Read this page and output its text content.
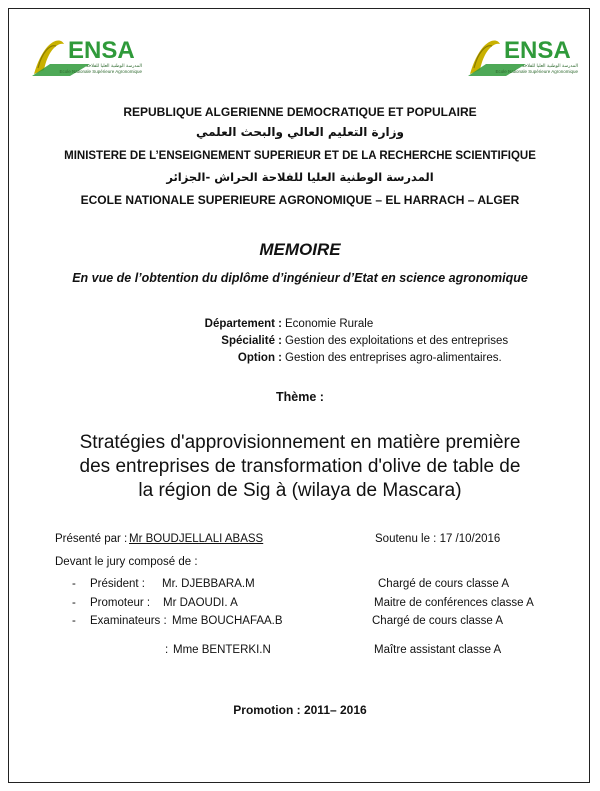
ENSA
المدرسة الوطنية العليا للفلاحة
Ecole Nationale Supérieure Agronomique
ENSA
المدرسة الوطنية العليا للفلاحة
Ecole Nationale Supérieure Agronomique
REPUBLIQUE ALGERIENNE DEMOCRATIQUE ET POPULAIRE
وزارة التعليم العالي والبحث العلمي
MINISTERE DE L’ENSEIGNEMENT SUPERIEUR ET DE LA RECHERCHE SCIENTIFIQUE
المدرسة الوطنية العليا للفلاحة الحراش -الجزائر
ECOLE NATIONALE SUPERIEURE AGRONOMIQUE – EL HARRACH – ALGER
MEMOIRE
En vue de l’obtention du diplôme d’ingénieur d’Etat en science agronomique
Département : Economie Rurale
Spécialité : Gestion des exploitations et des entreprises
Option : Gestion des entreprises agro-alimentaires.
Thème :
Stratégies d'approvisionnement en matière première
des entreprises de transformation d'olive de table de
la région de Sig à (wilaya de Mascara)
Présenté par : Mr BOUDJELLALI ABASS	Soutenu le : 17 /10/2016
Devant le jury composé de :
- Président : Mr. DJEBBARA.M	Chargé de cours classe A
- Promoteur : Mr DAOUDI. A	Maitre de conférences classe A
- Examinateurs : Mme BOUCHAFAA.B	Chargé de cours classe A
: Mme BENTERKI.N	Maître assistant classe A
Promotion : 2011– 2016
